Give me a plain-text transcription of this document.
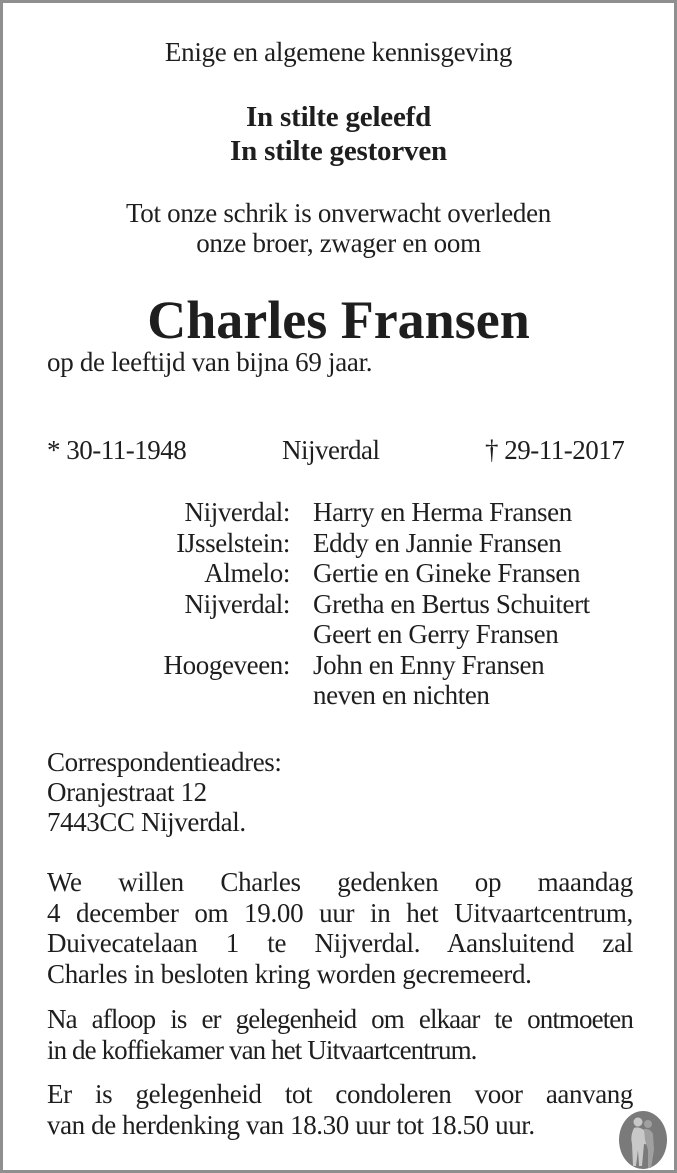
Enige en algemene kennisgeving
In stilte geleefd
In stilte gestorven
Tot onze schrik is onverwacht overleden
onze broer, zwager en oom
Charles Fransen
op de leeftijd van bijna 69 jaar.
* 30-11-1948	Nijverdal	† 29-11-2017
Nijverdal: Harry en Herma Fransen
IJsselstein: Eddy en Jannie Fransen
Almelo: Gertie en Gineke Fransen
Nijverdal: Gretha en Bertus Schuitert
Geert en Gerry Fransen
Hoogeveen: John en Enny Fransen
neven en nichten
Correspondentieadres:
Oranjestraat 12
7443CC Nijverdal.
We willen Charles gedenken op maandag
4 december om 19.00 uur in het Uitvaartcentrum,
Duivecatelaan 1 te Nijverdal. Aansluitend zal
Charles in besloten kring worden gecremeerd.
Na afloop is er gelegenheid om elkaar te ontmoeten
in de koffiekamer van het Uitvaartcentrum.
Er is gelegenheid tot condoleren voor aanvang
van de herdenking van 18.30 uur tot 18.50 uur.
